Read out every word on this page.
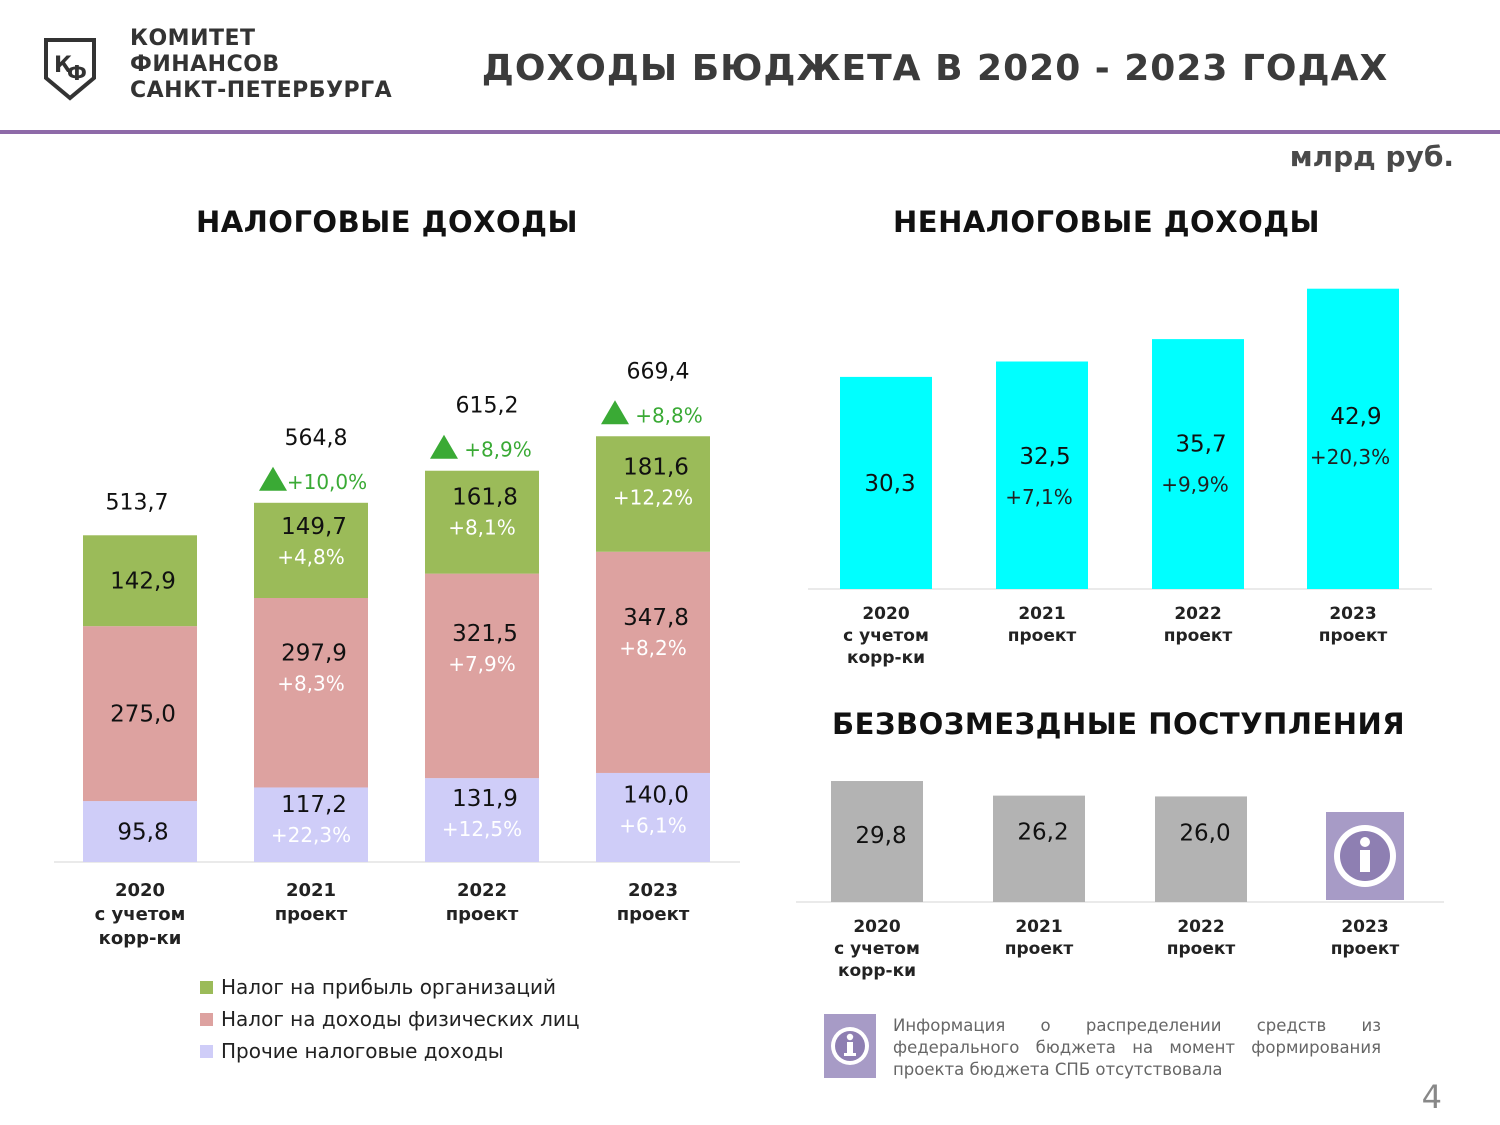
К
Ф
КОМИТЕТ
ФИНАНСОВ
САНКТ-ПЕТЕРБУРГА
ДОХОДЫ БЮДЖЕТА В 2020 - 2023 ГОДАХ
млрд руб.
НАЛОГОВЫЕ ДОХОДЫ	НЕНАЛОГОВЫЕ ДОХОДЫ
БЕЗВОЗМЕЗДНЫЕ ПОСТУПЛЕНИЯ
95,8
275,0
142,9
513,7
2020
с учетом
корр-ки
117,2
+22,3%
297,9
+8,3%
149,7
+4,8%
564,8
+10,0%
2021
проект
131,9
+12,5%
321,5
+7,9%
161,8
+8,1%
615,2
+8,9%
2022
проект
140,0
+6,1%
347,8
+8,2%
181,6
+12,2%
669,4
+8,8%
2023
проект
30,3
2020
с учетом
корр-ки
32,5
+7,1%
2021
проект
35,7
+9,9%
2022
проект
42,9
+20,3%
2023
проект
29,8
2020
с учетом
корр-ки
26,2
2021
проект
26,0
2022
проект
2023
проект
Налог на прибыль организаций
Налог на доходы физических лиц
Прочие налоговые доходы
Информация о распределении средств из федерального бюджета на момент формирования проекта бюджета СПБ отсутствовала
4
